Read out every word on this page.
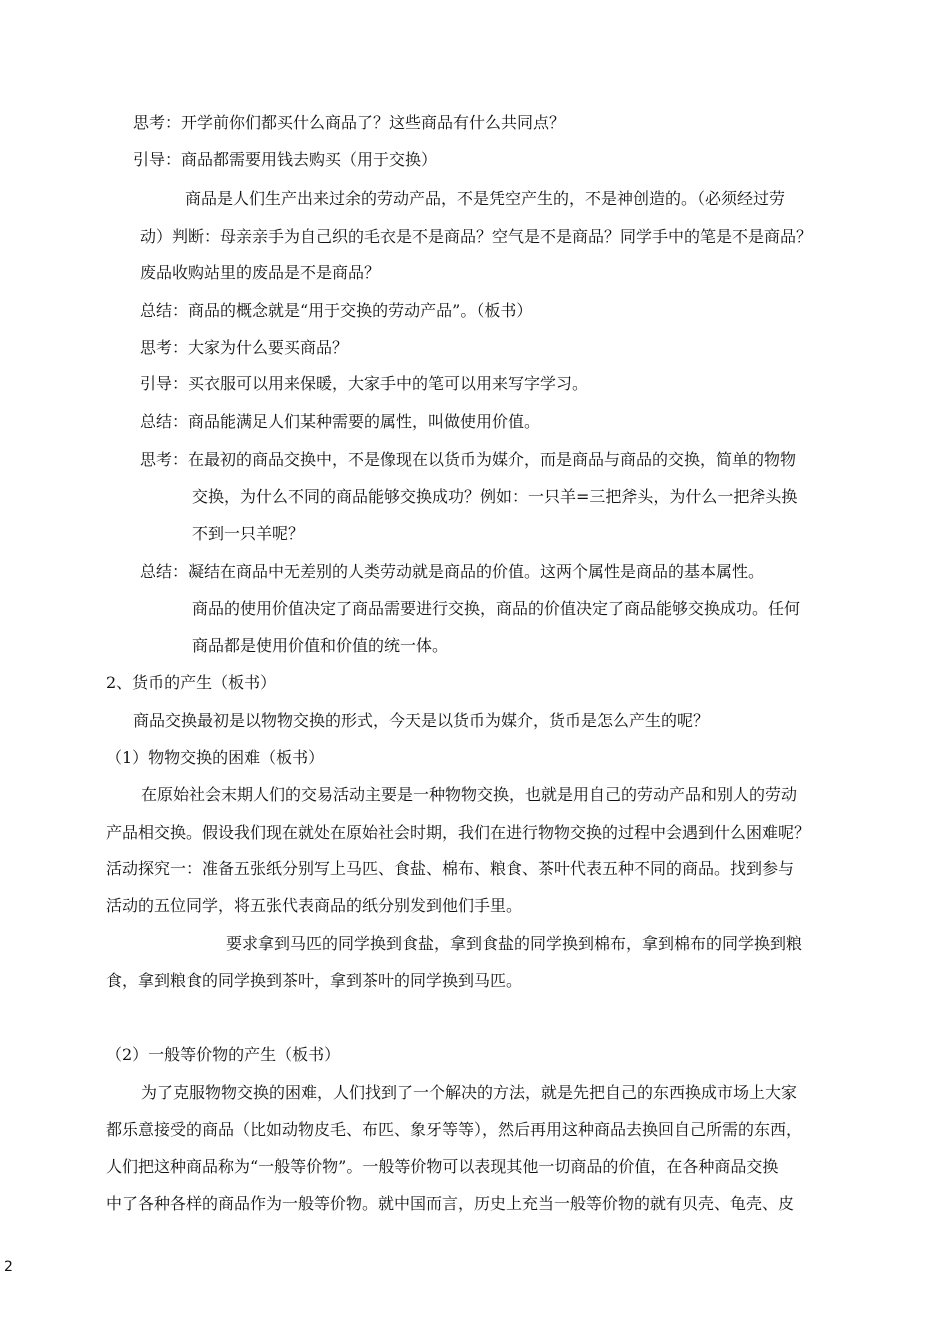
思考：开学前你们都买什么商品了？这些商品有什么共同点？
引导：商品都需要用钱去购买（用于交换）
商品是人们生产出来过余的劳动产品，不是凭空产生的，不是神创造的。（必须经过劳
动）判断：母亲亲手为自己织的毛衣是不是商品？空气是不是商品？同学手中的笔是不是商品？
废品收购站里的废品是不是商品？
总结：商品的概念就是“用于交换的劳动产品”。（板书）
思考：大家为什么要买商品？
引导：买衣服可以用来保暖，大家手中的笔可以用来写字学习。
总结：商品能满足人们某种需要的属性，叫做使用价值。
思考：在最初的商品交换中，不是像现在以货币为媒介，而是商品与商品的交换，简单的物物
交换，为什么不同的商品能够交换成功？例如：一只羊=三把斧头，为什么一把斧头换
不到一只羊呢？
总结：凝结在商品中无差别的人类劳动就是商品的价值。这两个属性是商品的基本属性。
商品的使用价值决定了商品需要进行交换，商品的价值决定了商品能够交换成功。任何
商品都是使用价值和价值的统一体。
2、货币的产生（板书）
商品交换最初是以物物交换的形式，今天是以货币为媒介，货币是怎么产生的呢？
（1）物物交换的困难（板书）
在原始社会末期人们的交易活动主要是一种物物交换，也就是用自己的劳动产品和别人的劳动
产品相交换。假设我们现在就处在原始社会时期，我们在进行物物交换的过程中会遇到什么困难呢？
活动探究一：准备五张纸分别写上马匹、食盐、棉布、粮食、茶叶代表五种不同的商品。找到参与
活动的五位同学，将五张代表商品的纸分别发到他们手里。
要求拿到马匹的同学换到食盐，拿到食盐的同学换到棉布，拿到棉布的同学换到粮
食，拿到粮食的同学换到茶叶，拿到茶叶的同学换到马匹。
（2）一般等价物的产生（板书）
为了克服物物交换的困难，人们找到了一个解决的方法，就是先把自己的东西换成市场上大家
都乐意接受的商品（比如动物皮毛、布匹、象牙等等），然后再用这种商品去换回自己所需的东西，
人们把这种商品称为“一般等价物”。一般等价物可以表现其他一切商品的价值，在各种商品交换
中了各种各样的商品作为一般等价物。就中国而言，历史上充当一般等价物的就有贝壳、龟壳、皮
2
